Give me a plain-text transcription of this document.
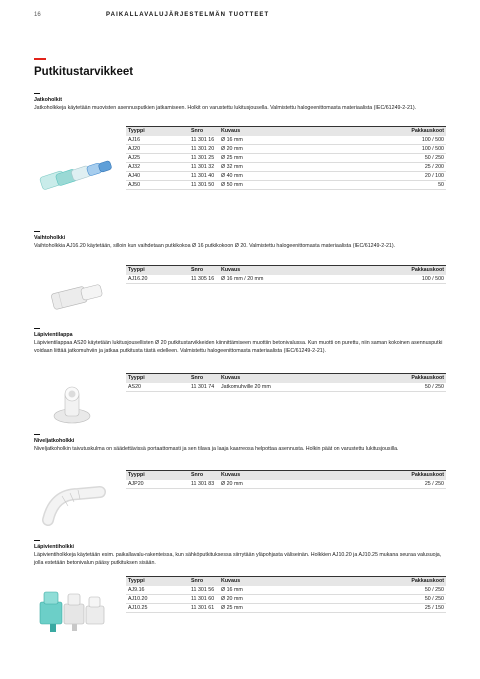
16	PAIKALLAVALUJÄRJESTELMÄN TUOTTEET
Putkitustarvikkeet
Jatkoholkit
Jatkoholkkeja käytetään muovisten asennusputkien jatkamiseen. Holkit on varustettu lukitusjousella. Valmistettu halogeenittomasta materiaalista (IEC/61249-2-21).
Tyyppi	Snro	Kuvaus	Pakkauskoot
AJ16	11 301 16	Ø 16 mm	100 / 500
AJ20	11 301 20	Ø 20 mm	100 / 500
AJ25	11 301 25	Ø 25 mm	50 / 250
AJ32	11 301 32	Ø 32 mm	25 / 200
AJ40	11 301 40	Ø 40 mm	20 / 100
AJ50	11 301 50	Ø 50 mm	50
Vaihtoholkki
Vaihtoholkkia AJ16.20 käytetään, silloin kun vaihdetaan putkikokoa Ø 16 putkikokoon Ø 20. Valmistettu halogeenittomasta materiaalista (IEC/61249-2-21).
Tyyppi	Snro	Kuvaus	Pakkauskoot
AJ16.20	11 305 16	Ø 16 mm / 20 mm	100 / 500
Läpivientilappa
Läpivientilappaa AS20 käytetään lukitusjousellisten Ø 20 putkitustarvikkeiden kiinnittämiseen muottiin betonivalussa. Kun muotti on purettu, niin saman kokoinen asennusputki voidaan liittää jatkomuhviin ja jatkaa putkitusta tästä edelleen. Valmistettu halogeenittomasta materiaalista (IEC/61249-2-21).
Tyyppi	Snro	Kuvaus	Pakkauskoot
AS20	11 301 74	Jatkomuhville 20 mm	50 / 250
Niveljatkoholkki
Niveljatkoholkin taivutuskulma on säädettävissä portaattomasti ja sen tilava ja laaja kaarreosa helpottaa asennusta. Holkin päät on varustettu lukitusjousilla.
Tyyppi	Snro	Kuvaus	Pakkauskoot
AJP20	11 301 83	Ø 20 mm	25 / 250
Läpivientiholkki
Läpivientiholkkeja käytetään esim. paikallavalu-rakenteissa, kun sähköputkituksessa siirrytään yläpohjasta väliseinän. Holkkien AJ10.20 ja AJ10.25 mukana seuraa valusuoja, jolla estetään betonivalun pääsy putkituksen sisään.
Tyyppi	Snro	Kuvaus	Pakkauskoot
AJ9.16	11 301 56	Ø 16 mm	50 / 250
AJ10.20	11 301 60	Ø 20 mm	50 / 250
AJ10.25	11 301 61	Ø 25 mm	25 / 150
